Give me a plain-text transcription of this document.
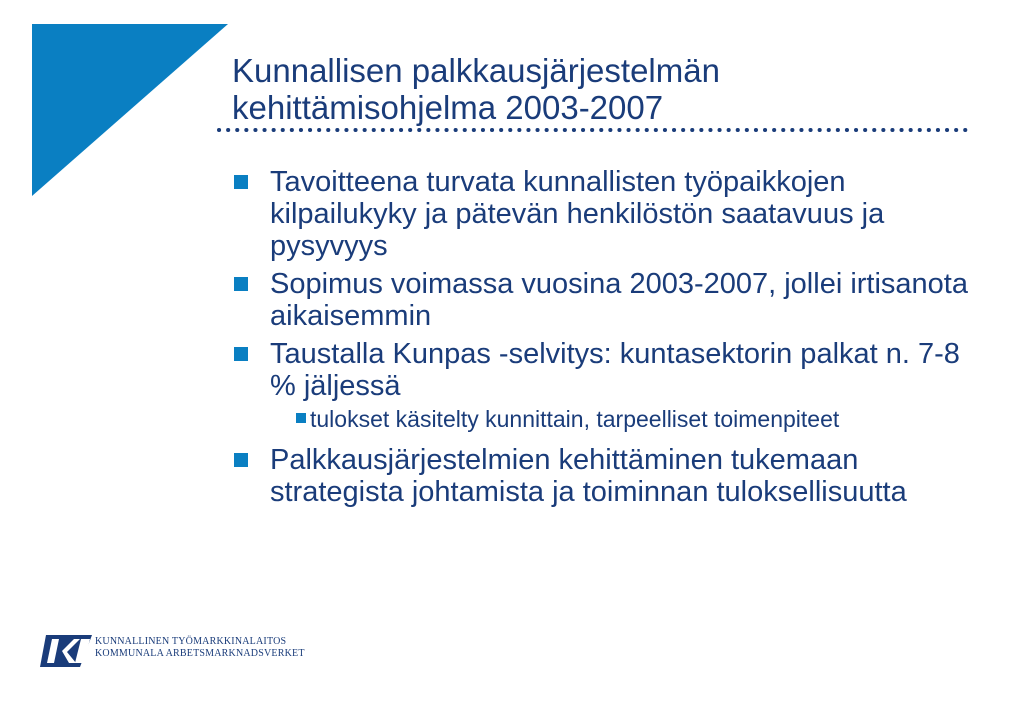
Kunnallisen palkkausjärjestelmän
kehittämisohjelma 2003-2007
Tavoitteena turvata kunnallisten työpaikkojen kilpailukyky ja pätevän henkilöstön saatavuus ja pysyvyys
Sopimus voimassa vuosina 2003-2007, jollei irtisanota aikaisemmin
Taustalla Kunpas -selvitys: kuntasektorin palkat n. 7-8 % jäljessä
tulokset käsitelty kunnittain, tarpeelliset toimenpiteet
Palkkausjärjestelmien kehittäminen tukemaan strategista johtamista ja toiminnan tuloksellisuutta
KUNNALLINEN TYÖMARKKINALAITOS
KOMMUNALA ARBETSMARKNADSVERKET
